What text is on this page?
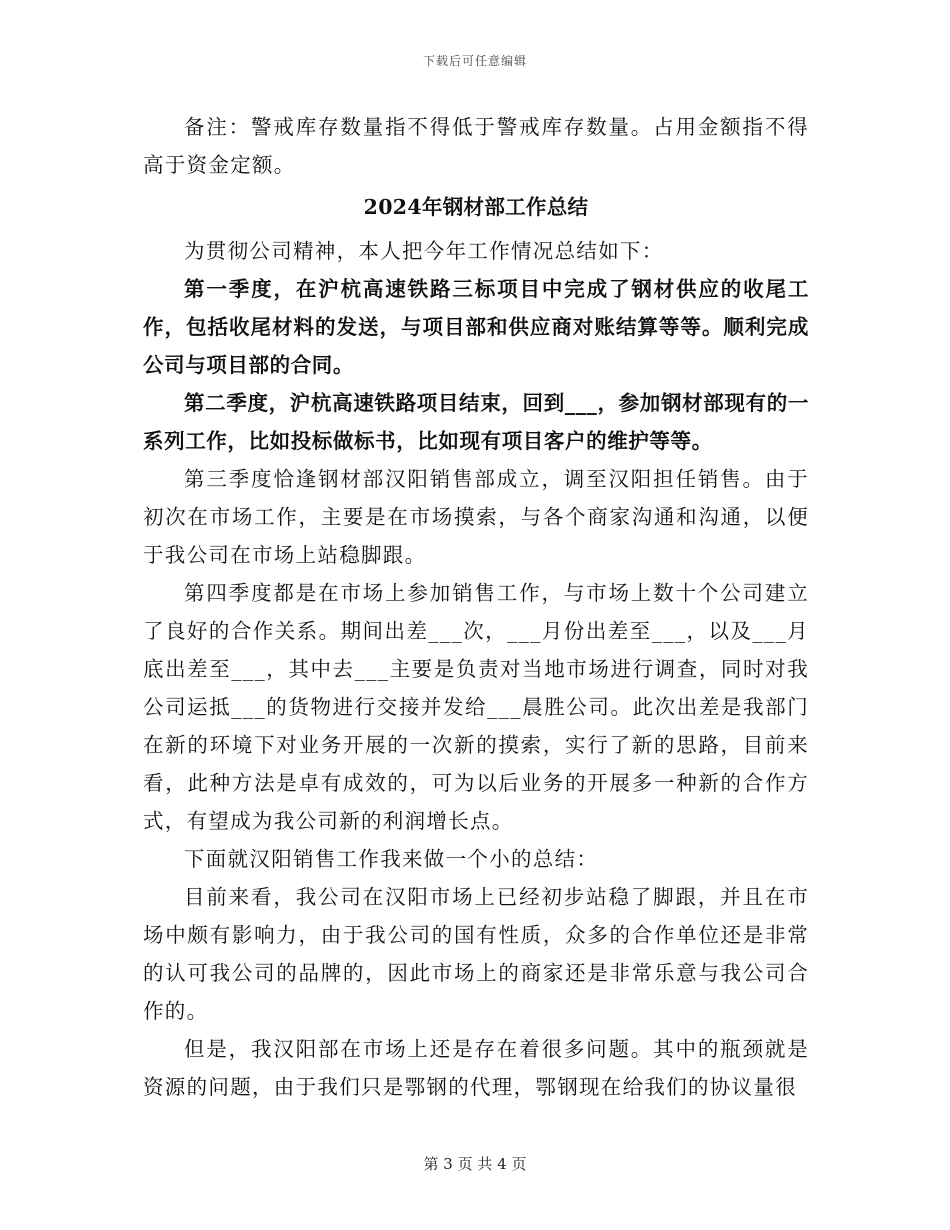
下载后可任意编辑

备注：警戒库存数量指不得低于警戒库存数量。占用金额指不得高于资金定额。

2024年钢材部工作总结

为贯彻公司精神，本人把今年工作情况总结如下：

第一季度，在沪杭高速铁路三标项目中完成了钢材供应的收尾工作，包括收尾材料的发送，与项目部和供应商对账结算等等。顺利完成公司与项目部的合同。

第二季度，沪杭高速铁路项目结束，回到___，参加钢材部现有的一系列工作，比如投标做标书，比如现有项目客户的维护等等。

第三季度恰逢钢材部汉阳销售部成立，调至汉阳担任销售。由于初次在市场工作，主要是在市场摸索，与各个商家沟通和沟通，以便于我公司在市场上站稳脚跟。

第四季度都是在市场上参加销售工作，与市场上数十个公司建立了良好的合作关系。期间出差___次，___月份出差至___，以及___月底出差至___，其中去___主要是负责对当地市场进行调查，同时对我公司运抵___的货物进行交接并发给___晨胜公司。此次出差是我部门在新的环境下对业务开展的一次新的摸索，实行了新的思路，目前来看，此种方法是卓有成效的，可为以后业务的开展多一种新的合作方式，有望成为我公司新的利润增长点。

下面就汉阳销售工作我来做一个小的总结：

目前来看，我公司在汉阳市场上已经初步站稳了脚跟，并且在市场中颇有影响力，由于我公司的国有性质，众多的合作单位还是非常的认可我公司的品牌的，因此市场上的商家还是非常乐意与我公司合作的。

但是，我汉阳部在市场上还是存在着很多问题。其中的瓶颈就是资源的问题，由于我们只是鄂钢的代理，鄂钢现在给我们的协议量很

第 3 页 共 4 页
